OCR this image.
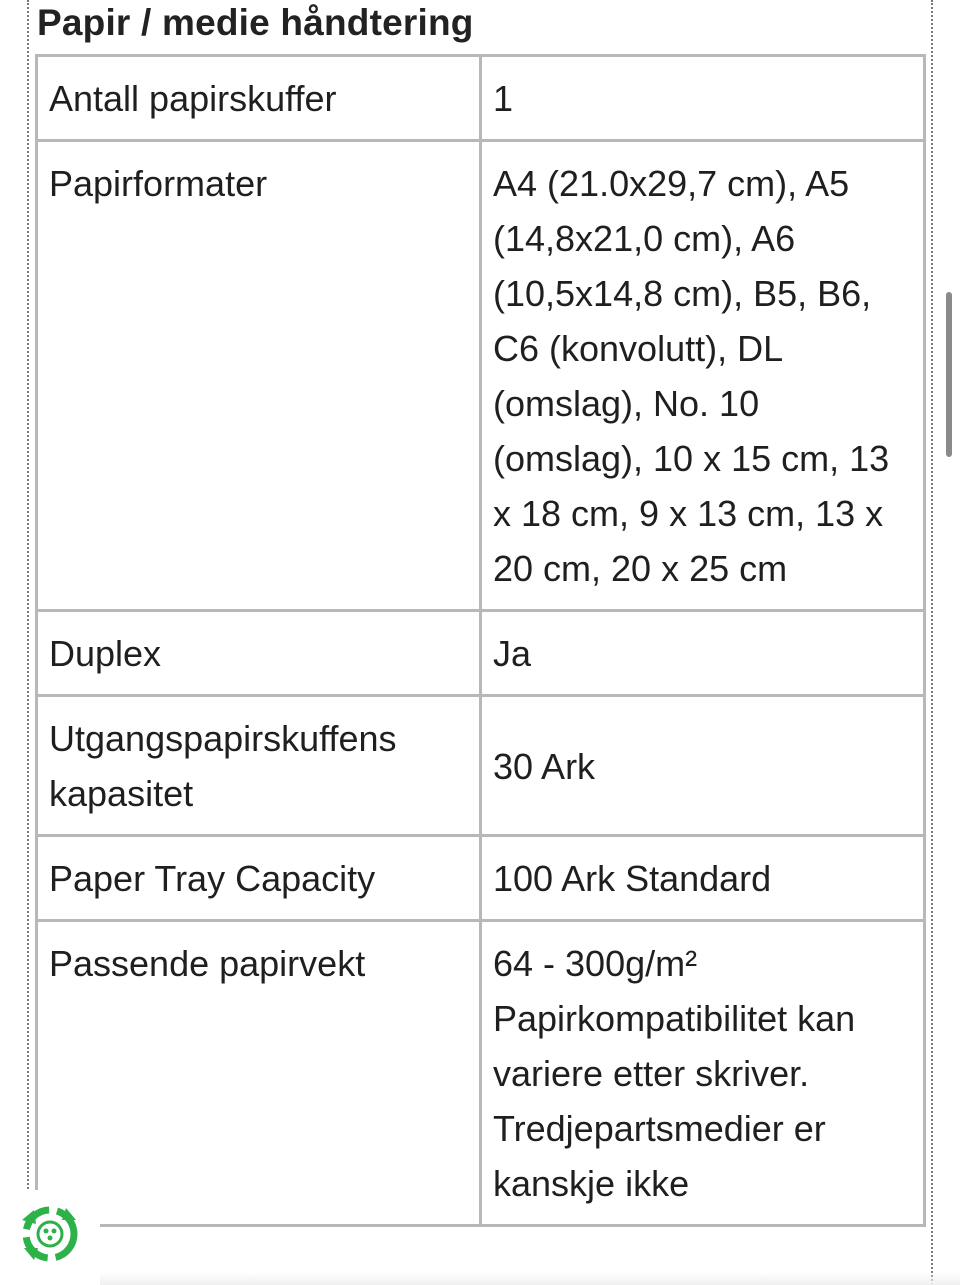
Papir / medie håndtering
Antall papirskuffer	1
Papirformater	A4 (21.0x29,7 cm), A5 (14,8x21,0 cm), A6 (10,5x14,8 cm), B5, B6, C6 (konvolutt), DL (omslag), No. 10 (omslag), 10 x 15 cm, 13 x 18 cm, 9 x 13 cm, 13 x 20 cm, 20 x 25 cm
Duplex	Ja
Utgangspapirskuffens kapasitet	30 Ark
Paper Tray Capacity	100 Ark Standard
Passende papirvekt	64 - 300g/m² Papirkompatibilitet kan variere etter skriver. Tredjepartsmedier er kanskje ikke
